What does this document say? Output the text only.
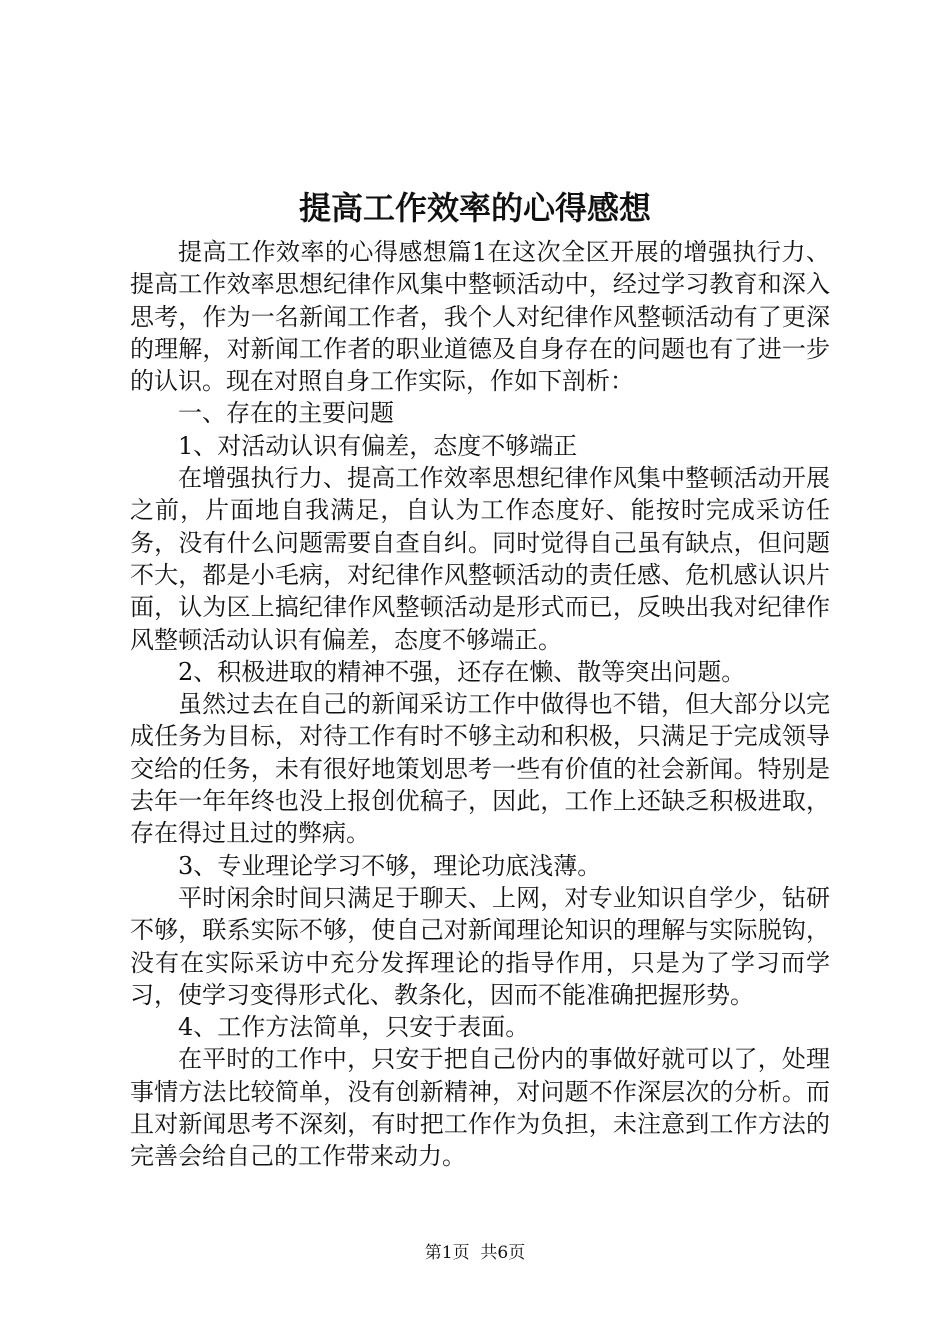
提高工作效率的心得感想

提高工作效率的心得感想篇1在这次全区开展的增强执行力、提高工作效率思想纪律作风集中整顿活动中，经过学习教育和深入思考，作为一名新闻工作者，我个人对纪律作风整顿活动有了更深的理解，对新闻工作者的职业道德及自身存在的问题也有了进一步的认识。现在对照自身工作实际，作如下剖析：

一、存在的主要问题

1、对活动认识有偏差，态度不够端正

在增强执行力、提高工作效率思想纪律作风集中整顿活动开展之前，片面地自我满足，自认为工作态度好、能按时完成采访任务，没有什么问题需要自查自纠。同时觉得自己虽有缺点，但问题不大，都是小毛病，对纪律作风整顿活动的责任感、危机感认识片面，认为区上搞纪律作风整顿活动是形式而已，反映出我对纪律作风整顿活动认识有偏差，态度不够端正。

2、积极进取的精神不强，还存在懒、散等突出问题。

虽然过去在自己的新闻采访工作中做得也不错，但大部分以完成任务为目标，对待工作有时不够主动和积极，只满足于完成领导交给的任务，未有很好地策划思考一些有价值的社会新闻。特别是去年一年年终也没上报创优稿子，因此，工作上还缺乏积极进取，存在得过且过的弊病。

3、专业理论学习不够，理论功底浅薄。

平时闲余时间只满足于聊天、上网，对专业知识自学少，钻研不够，联系实际不够，使自己对新闻理论知识的理解与实际脱钩，没有在实际采访中充分发挥理论的指导作用，只是为了学习而学习，使学习变得形式化、教条化，因而不能准确把握形势。

4、工作方法简单，只安于表面。

在平时的工作中，只安于把自己份内的事做好就可以了，处理事情方法比较简单，没有创新精神，对问题不作深层次的分析。而且对新闻思考不深刻，有时把工作作为负担，未注意到工作方法的完善会给自己的工作带来动力。

第1页  共6页
